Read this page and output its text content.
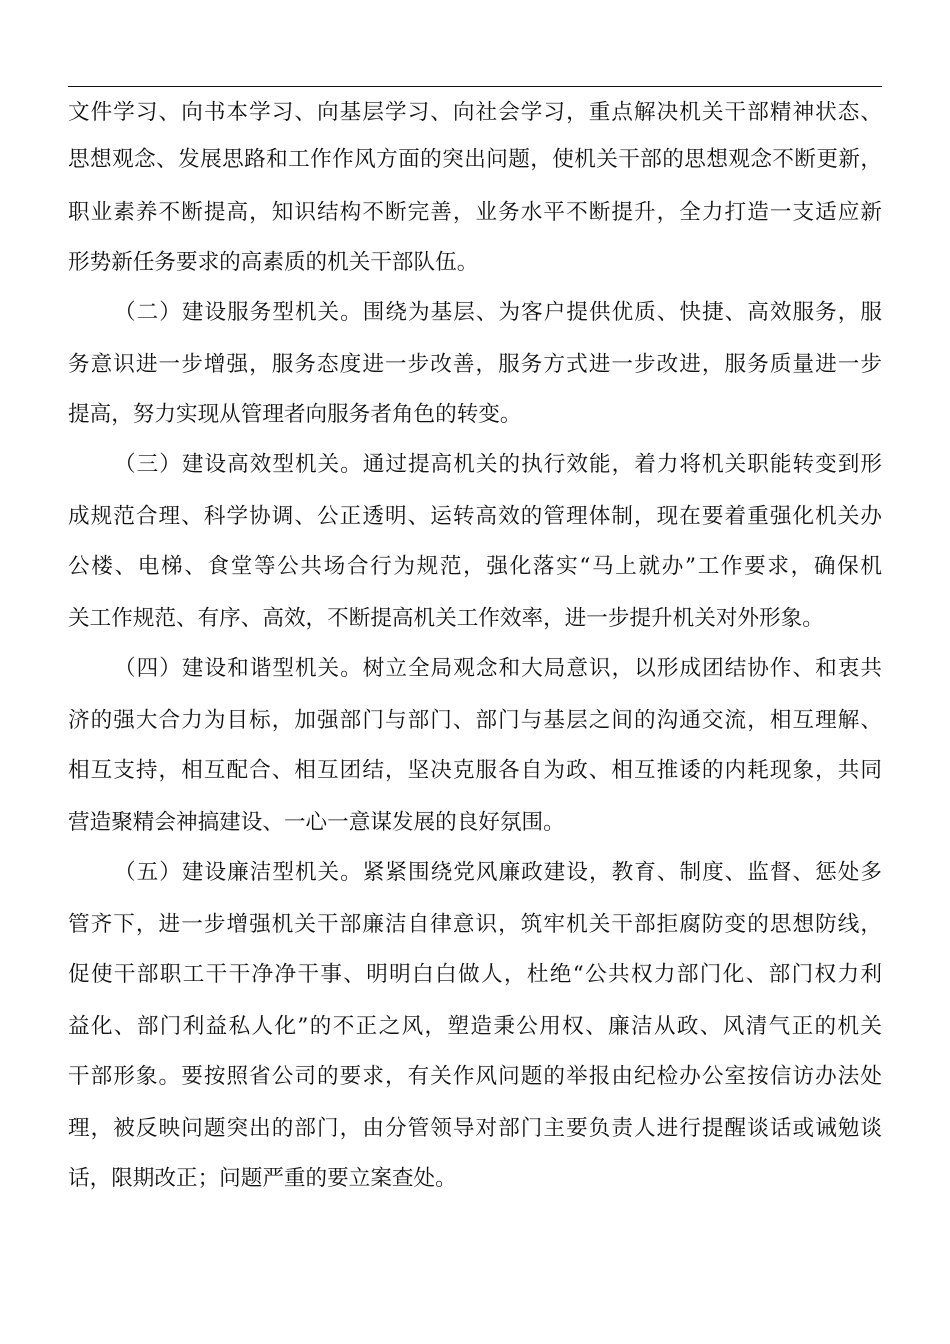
文件学习、向书本学习、向基层学习、向社会学习，重点解决机关干部精神状态、
思想观念、发展思路和工作作风方面的突出问题，使机关干部的思想观念不断更新，
职业素养不断提高，知识结构不断完善，业务水平不断提升，全力打造一支适应新
形势新任务要求的高素质的机关干部队伍。
（二）建设服务型机关。围绕为基层、为客户提供优质、快捷、高效服务，服
务意识进一步增强，服务态度进一步改善，服务方式进一步改进，服务质量进一步
提高，努力实现从管理者向服务者角色的转变。
（三）建设高效型机关。通过提高机关的执行效能，着力将机关职能转变到形
成规范合理、科学协调、公正透明、运转高效的管理体制，现在要着重强化机关办
公楼、电梯、食堂等公共场合行为规范，强化落实“马上就办”工作要求，确保机
关工作规范、有序、高效，不断提高机关工作效率，进一步提升机关对外形象。
（四）建设和谐型机关。树立全局观念和大局意识，以形成团结协作、和衷共
济的强大合力为目标，加强部门与部门、部门与基层之间的沟通交流，相互理解、
相互支持，相互配合、相互团结，坚决克服各自为政、相互推诿的内耗现象，共同
营造聚精会神搞建设、一心一意谋发展的良好氛围。
（五）建设廉洁型机关。紧紧围绕党风廉政建设，教育、制度、监督、惩处多
管齐下，进一步增强机关干部廉洁自律意识，筑牢机关干部拒腐防变的思想防线，
促使干部职工干干净净干事、明明白白做人，杜绝“公共权力部门化、部门权力利
益化、部门利益私人化”的不正之风，塑造秉公用权、廉洁从政、风清气正的机关
干部形象。要按照省公司的要求，有关作风问题的举报由纪检办公室按信访办法处
理，被反映问题突出的部门，由分管领导对部门主要负责人进行提醒谈话或诫勉谈
话，限期改正；问题严重的要立案查处。
